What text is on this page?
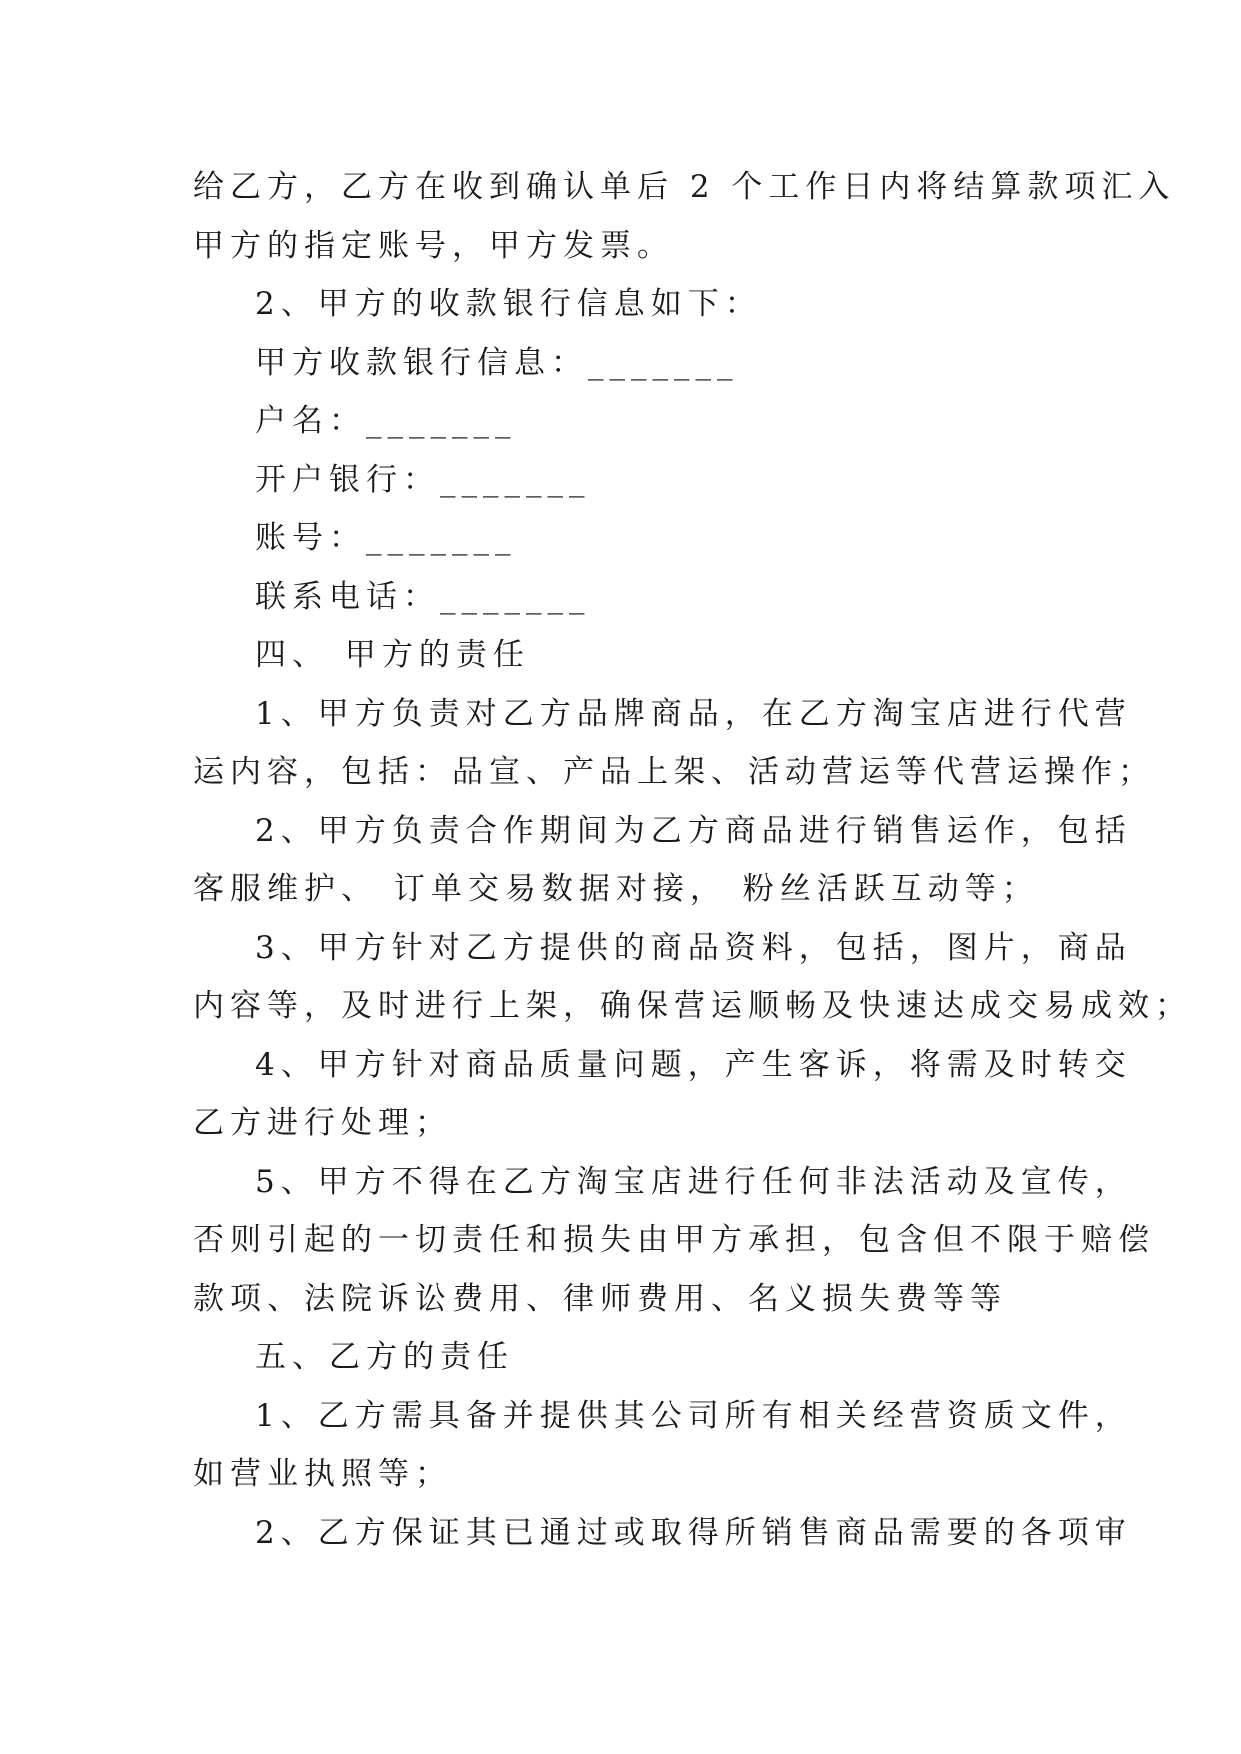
给乙方，乙方在收到确认单后 2 个工作日内将结算款项汇入
甲方的指定账号，甲方发票。
2、甲方的收款银行信息如下：
甲方收款银行信息：_______
户名：_______
开户银行：_______
账号：_______
联系电话：_______
四、 甲方的责任
1、甲方负责对乙方品牌商品，在乙方淘宝店进行代营
运内容，包括：品宣、产品上架、活动营运等代营运操作；
2、甲方负责合作期间为乙方商品进行销售运作，包括
客服维护、 订单交易数据对接， 粉丝活跃互动等；
3、甲方针对乙方提供的商品资料，包括，图片，商品
内容等，及时进行上架，确保营运顺畅及快速达成交易成效；
4、甲方针对商品质量问题，产生客诉，将需及时转交
乙方进行处理；
5、甲方不得在乙方淘宝店进行任何非法活动及宣传，
否则引起的一切责任和损失由甲方承担，包含但不限于赔偿
款项、法院诉讼费用、律师费用、名义损失费等等
五、乙方的责任
1、乙方需具备并提供其公司所有相关经营资质文件，
如营业执照等；
2、乙方保证其已通过或取得所销售商品需要的各项审
